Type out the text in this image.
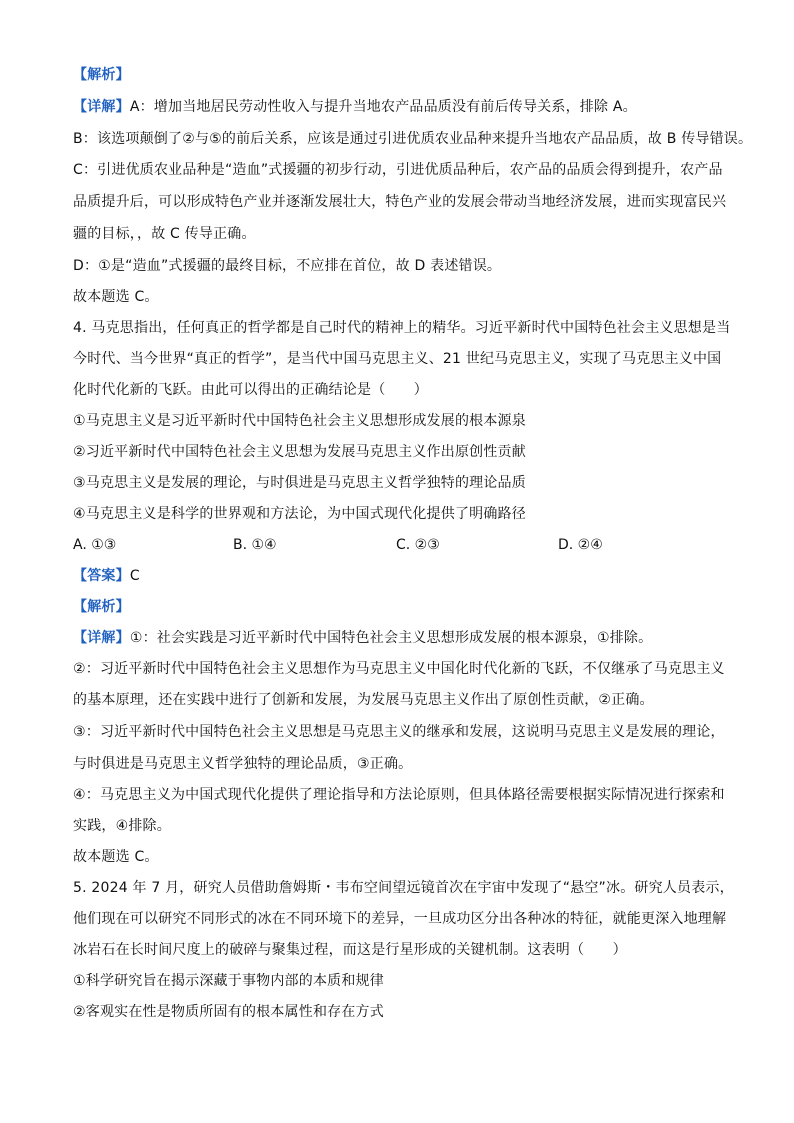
【解析】
【详解】A：增加当地居民劳动性收入与提升当地农产品品质没有前后传导关系，排除 A。
B：该选项颠倒了②与⑤的前后关系，应该是通过引进优质农业品种来提升当地农产品品质，故 B 传导错误。
C：引进优质农业品种是“造血”式援疆的初步行动，引进优质品种后，农产品的品质会得到提升，农产品
品质提升后，可以形成特色产业并逐渐发展壮大，特色产业的发展会带动当地经济发展，进而实现富民兴
疆的目标，，故 C 传导正确。
D：①是“造血”式援疆的最终目标，不应排在首位，故 D 表述错误。
故本题选 C。
4. 马克思指出，任何真正的哲学都是自己时代的精神上的精华。习近平新时代中国特色社会主义思想是当
今时代、当今世界“真正的哲学”，是当代中国马克思主义、21 世纪马克思主义，实现了马克思主义中国
化时代化新的飞跃。由此可以得出的正确结论是（　　）
①马克思主义是习近平新时代中国特色社会主义思想形成发展的根本源泉
②习近平新时代中国特色社会主义思想为发展马克思主义作出原创性贡献
③马克思主义是发展的理论，与时俱进是马克思主义哲学独特的理论品质
④马克思主义是科学的世界观和方法论，为中国式现代化提供了明确路径
A. ①③	B. ①④	C. ②③	D. ②④
【答案】C
【解析】
【详解】①：社会实践是习近平新时代中国特色社会主义思想形成发展的根本源泉，①排除。
②：习近平新时代中国特色社会主义思想作为马克思主义中国化时代化新的飞跃，不仅继承了马克思主义
的基本原理，还在实践中进行了创新和发展，为发展马克思主义作出了原创性贡献，②正确。
③：习近平新时代中国特色社会主义思想是马克思主义的继承和发展，这说明马克思主义是发展的理论，
与时俱进是马克思主义哲学独特的理论品质，③正确。
④：马克思主义为中国式现代化提供了理论指导和方法论原则，但具体路径需要根据实际情况进行探索和
实践，④排除。
故本题选 C。
5. 2024 年 7 月，研究人员借助詹姆斯・韦布空间望远镜首次在宇宙中发现了“悬空”冰。研究人员表示，
他们现在可以研究不同形式的冰在不同环境下的差异，一旦成功区分出各种冰的特征，就能更深入地理解
冰岩石在长时间尺度上的破碎与聚集过程，而这是行星形成的关键机制。这表明（　　）
①科学研究旨在揭示深藏于事物内部的本质和规律
②客观实在性是物质所固有的根本属性和存在方式
